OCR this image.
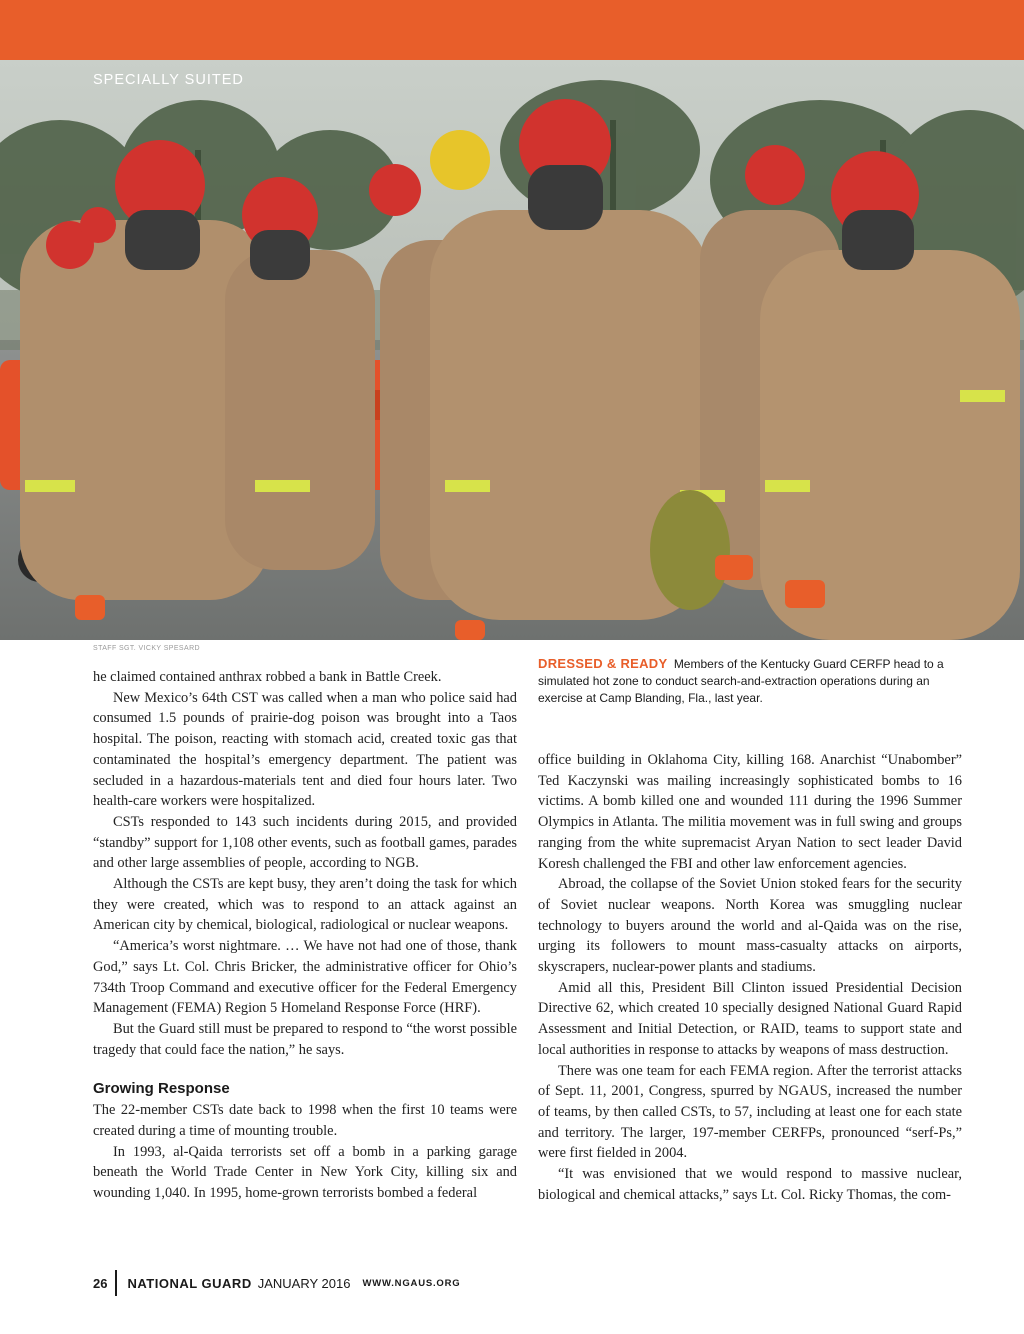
SPECIALLY SUITED
STAFF SGT. VICKY SPESARD
DRESSED & READY Members of the Kentucky Guard CERFP head to a simulated hot zone to conduct search-and-extraction operations during an exercise at Camp Blanding, Fla., last year.

he claimed contained anthrax robbed a bank in Battle Creek.

New Mexico’s 64th CST was called when a man who police said had consumed 1.5 pounds of prairie-dog poison was brought into a Taos hospital. The poison, reacting with stomach acid, created toxic gas that contaminated the hospital’s emergency department. The patient was secluded in a hazardous-materials tent and died four hours later. Two health-care workers were hospitalized.

CSTs responded to 143 such incidents during 2015, and provided “standby” support for 1,108 other events, such as football games, parades and other large assemblies of people, according to NGB.

Although the CSTs are kept busy, they aren’t doing the task for which they were created, which was to respond to an attack against an American city by chemical, biological, radiological or nuclear weapons.

“America’s worst nightmare. … We have not had one of those, thank God,” says Lt. Col. Chris Bricker, the administrative officer for Ohio’s 734th Troop Command and executive officer for the Federal Emergency Management (FEMA) Region 5 Homeland Response Force (HRF).

But the Guard still must be prepared to respond to “the worst possible tragedy that could face the nation,” he says.

Growing Response

The 22-member CSTs date back to 1998 when the first 10 teams were created during a time of mounting trouble.

In 1993, al-Qaida terrorists set off a bomb in a parking garage beneath the World Trade Center in New York City, killing six and wounding 1,040. In 1995, home-grown terrorists bombed a federal

office building in Oklahoma City, killing 168. Anarchist “Unabomber” Ted Kaczynski was mailing increasingly sophisticated bombs to 16 victims. A bomb killed one and wounded 111 during the 1996 Summer Olympics in Atlanta. The militia movement was in full swing and groups ranging from the white supremacist Aryan Nation to sect leader David Koresh challenged the FBI and other law enforcement agencies.

Abroad, the collapse of the Soviet Union stoked fears for the security of Soviet nuclear weapons. North Korea was smuggling nuclear technology to buyers around the world and al-Qaida was on the rise, urging its followers to mount mass-casualty attacks on airports, skyscrapers, nuclear-power plants and stadiums.

Amid all this, President Bill Clinton issued Presidential Decision Directive 62, which created 10 specially designed National Guard Rapid Assessment and Initial Detection, or RAID, teams to support state and local authorities in response to attacks by weapons of mass destruction.

There was one team for each FEMA region. After the terrorist attacks of Sept. 11, 2001, Congress, spurred by NGAUS, increased the number of teams, by then called CSTs, to 57, including at least one for each state and territory. The larger, 197-member CERFPs, pronounced “serf-Ps,” were first fielded in 2004.

“It was envisioned that we would respond to massive nuclear, biological and chemical attacks,” says Lt. Col. Ricky Thomas, the com-

26 NATIONAL GUARD JANUARY 2016 WWW.NGAUS.ORG
